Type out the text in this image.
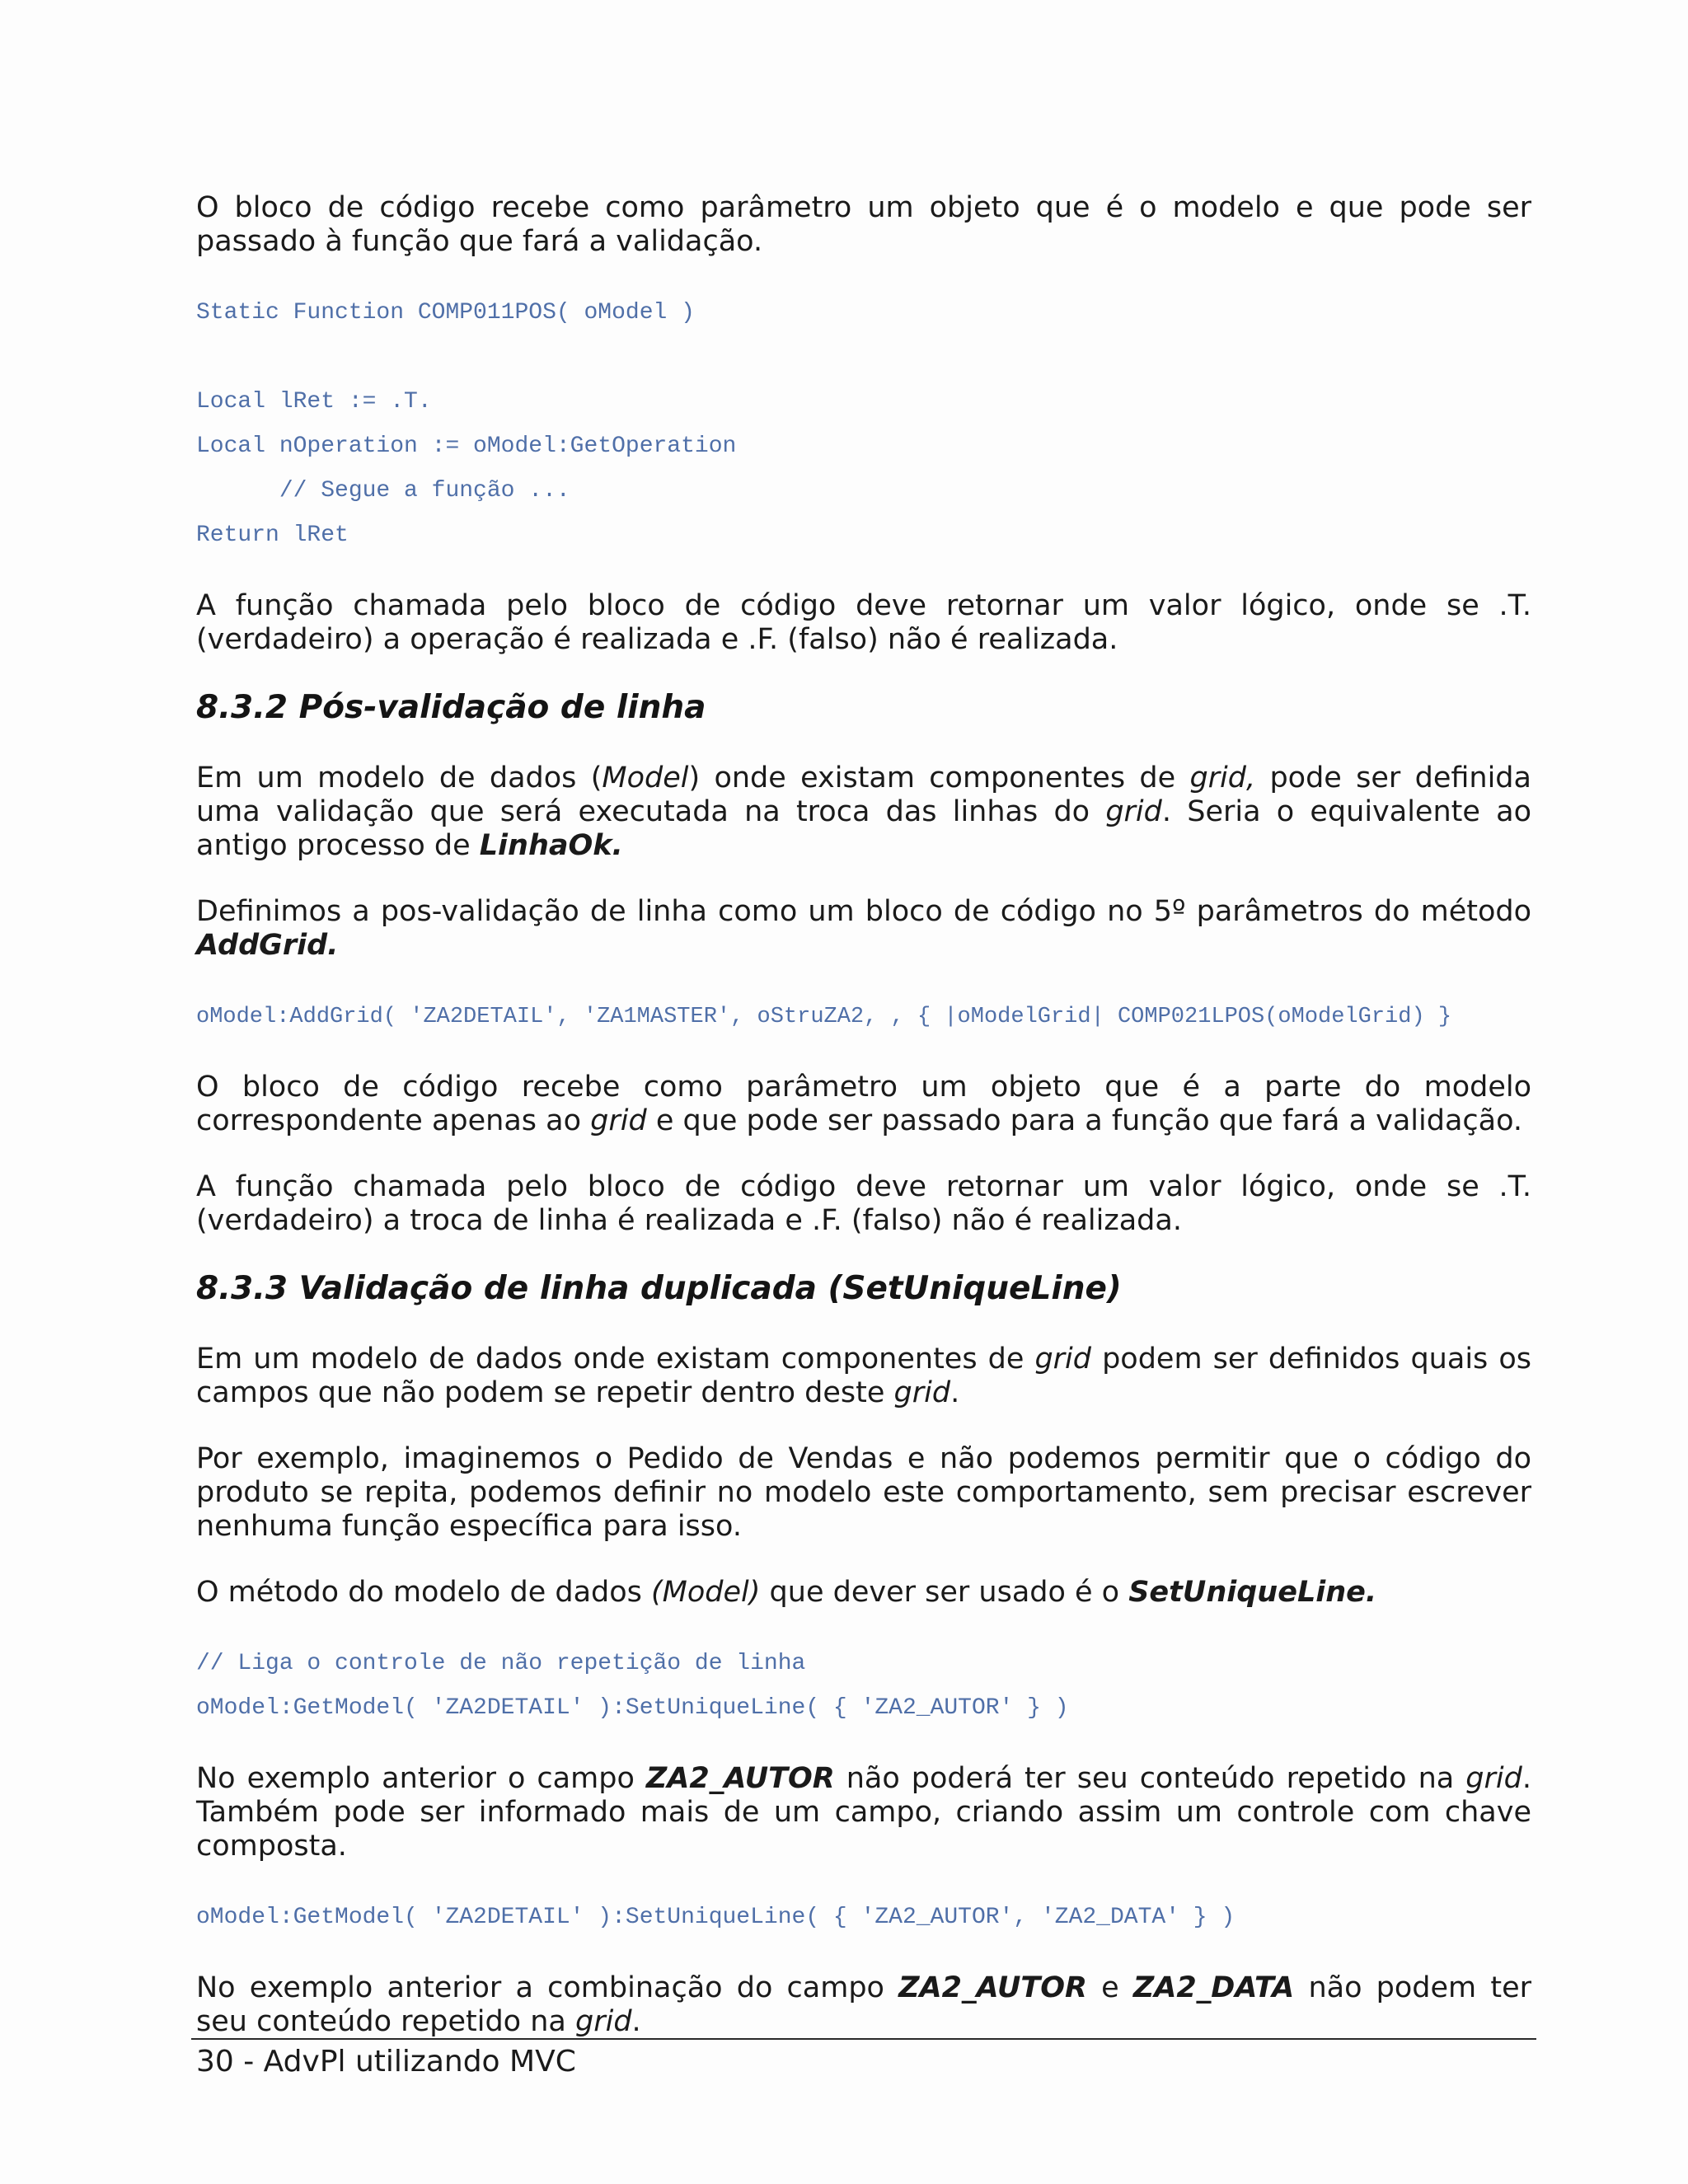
O bloco de código recebe como parâmetro um objeto que é o modelo e que pode ser passado à função que fará a validação.

Static Function COMP011POS( oModel )
Local lRet := .T.
Local nOperation := oModel:GetOperation
// Segue a função ...
Return lRet

A função chamada pelo bloco de código deve retornar um valor lógico, onde se .T. (verdadeiro) a operação é realizada e .F. (falso) não é realizada.

8.3.2 Pós-validação de linha

Em um modelo de dados (Model) onde existam componentes de grid, pode ser definida uma validação que será executada na troca das linhas do grid. Seria o equivalente ao antigo processo de LinhaOk.

Definimos a pos-validação de linha como um bloco de código no 5º parâmetros do método AddGrid.

oModel:AddGrid( 'ZA2DETAIL', 'ZA1MASTER', oStruZA2, , { |oModelGrid| COMP021LPOS(oModelGrid) }

O bloco de código recebe como parâmetro um objeto que é a parte do modelo correspondente apenas ao grid e que pode ser passado para a função que fará a validação.

A função chamada pelo bloco de código deve retornar um valor lógico, onde se .T. (verdadeiro) a troca de linha é realizada e .F. (falso) não é realizada.

8.3.3 Validação de linha duplicada (SetUniqueLine)

Em um modelo de dados onde existam componentes de grid podem ser definidos quais os campos que não podem se repetir dentro deste grid.

Por exemplo, imaginemos o Pedido de Vendas e não podemos permitir que o código do produto se repita, podemos definir no modelo este comportamento, sem precisar escrever nenhuma função específica para isso.

O método do modelo de dados (Model) que dever ser usado é o SetUniqueLine.

// Liga o controle de não repetição de linha
oModel:GetModel( 'ZA2DETAIL' ):SetUniqueLine( { 'ZA2_AUTOR' } )

No exemplo anterior o campo ZA2_AUTOR não poderá ter seu conteúdo repetido na grid. Também pode ser informado mais de um campo, criando assim um controle com chave composta.

oModel:GetModel( 'ZA2DETAIL' ):SetUniqueLine( { 'ZA2_AUTOR', 'ZA2_DATA' } )

No exemplo anterior a combinação do campo ZA2_AUTOR e ZA2_DATA não podem ter seu conteúdo repetido na grid.

30 - AdvPl utilizando MVC
